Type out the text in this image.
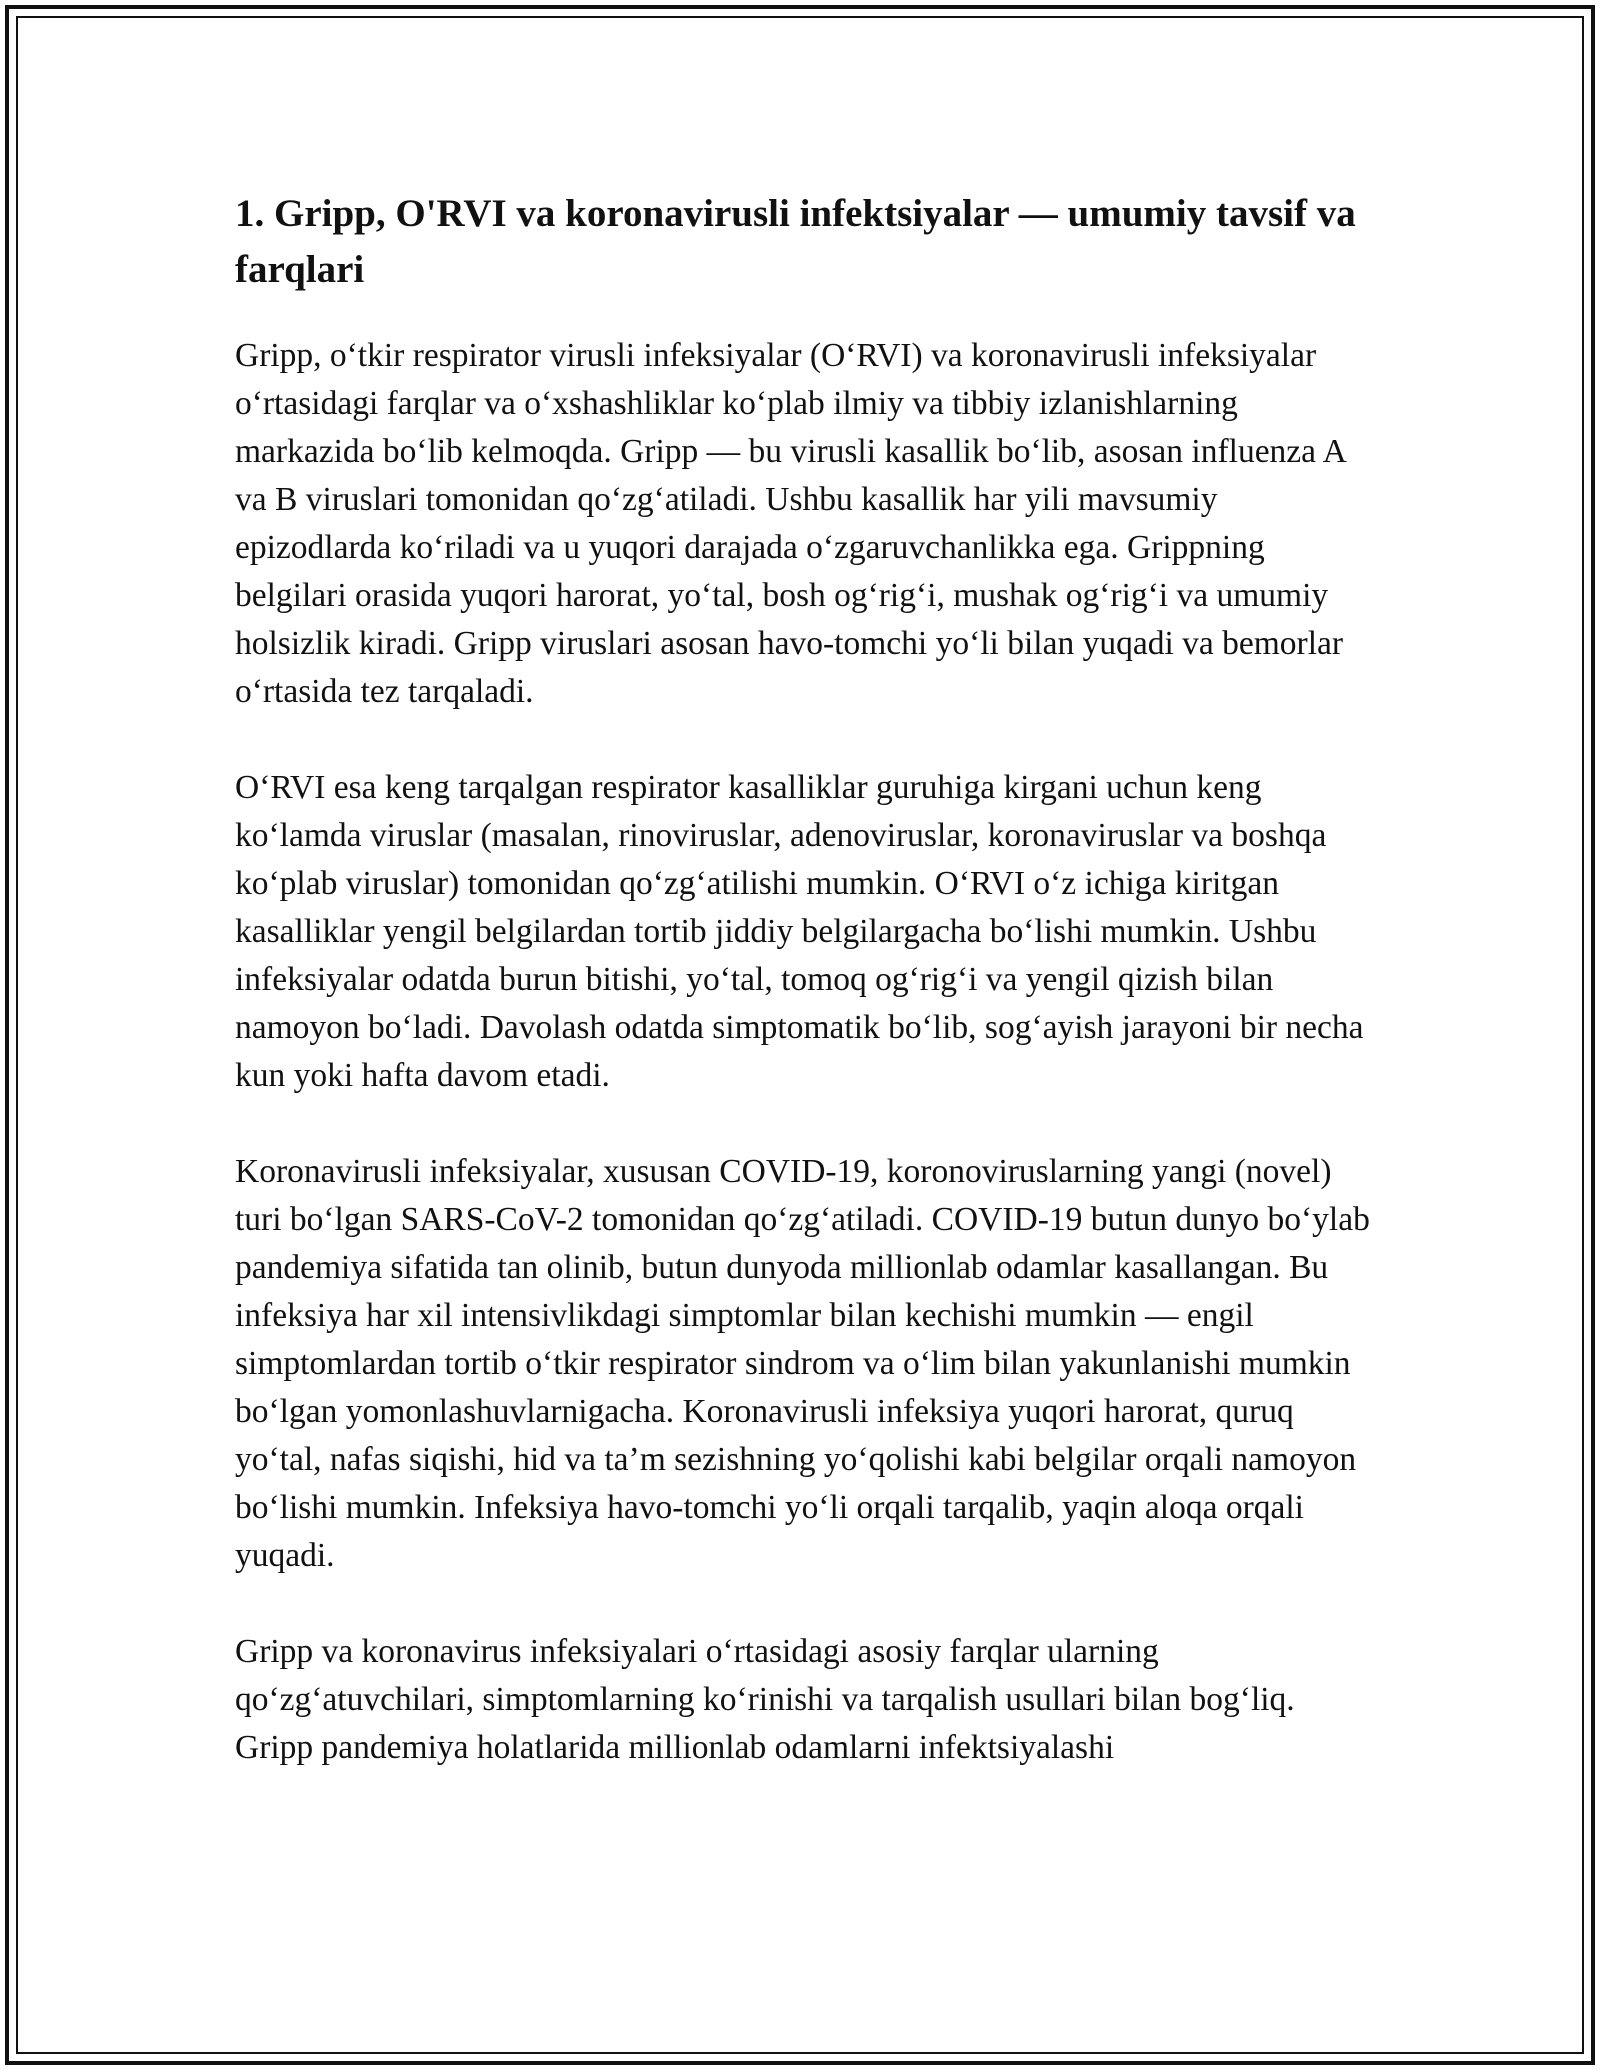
1. Gripp, O'RVI va koronavirusli infektsiyalar — umumiy tavsif va farqlari

Gripp, o‘tkir respirator virusli infeksiyalar (O‘RVI) va koronavirusli infeksiyalar o‘rtasidagi farqlar va o‘xshashliklar ko‘plab ilmiy va tibbiy izlanishlarning markazida bo‘lib kelmoqda. Gripp — bu virusli kasallik bo‘lib, asosan influenza A va B viruslari tomonidan qo‘zg‘atiladi. Ushbu kasallik har yili mavsumiy epizodlarda ko‘riladi va u yuqori darajada o‘zgaruvchanlikka ega. Grippning belgilari orasida yuqori harorat, yo‘tal, bosh og‘rig‘i, mushak og‘rig‘i va umumiy holsizlik kiradi. Gripp viruslari asosan havo-tomchi yo‘li bilan yuqadi va bemorlar o‘rtasida tez tarqaladi.

O‘RVI esa keng tarqalgan respirator kasalliklar guruhiga kirgani uchun keng ko‘lamda viruslar (masalan, rinoviruslar, adenoviruslar, koronaviruslar va boshqa ko‘plab viruslar) tomonidan qo‘zg‘atilishi mumkin. O‘RVI o‘z ichiga kiritgan kasalliklar yengil belgilardan tortib jiddiy belgilargacha bo‘lishi mumkin. Ushbu infeksiyalar odatda burun bitishi, yo‘tal, tomoq og‘rig‘i va yengil qizish bilan namoyon bo‘ladi. Davolash odatda simptomatik bo‘lib, sog‘ayish jarayoni bir necha kun yoki hafta davom etadi.

Koronavirusli infeksiyalar, xususan COVID-19, koronoviruslarning yangi (novel) turi bo‘lgan SARS-CoV-2 tomonidan qo‘zg‘atiladi. COVID-19 butun dunyo bo‘ylab pandemiya sifatida tan olinib, butun dunyoda millionlab odamlar kasallangan. Bu infeksiya har xil intensivlikdagi simptomlar bilan kechishi mumkin — engil simptomlardan tortib o‘tkir respirator sindrom va o‘lim bilan yakunlanishi mumkin bo‘lgan yomonlashuvlarnigacha. Koronavirusli infeksiya yuqori harorat, quruq yo‘tal, nafas siqishi, hid va ta’m sezishning yo‘qolishi kabi belgilar orqali namoyon bo‘lishi mumkin. Infeksiya havo-tomchi yo‘li orqali tarqalib, yaqin aloqa orqali yuqadi.

Gripp va koronavirus infeksiyalari o‘rtasidagi asosiy farqlar ularning qo‘zg‘atuvchilari, simptomlarning ko‘rinishi va tarqalish usullari bilan bog‘liq. Gripp pandemiya holatlarida millionlab odamlarni infektsiyalashi
